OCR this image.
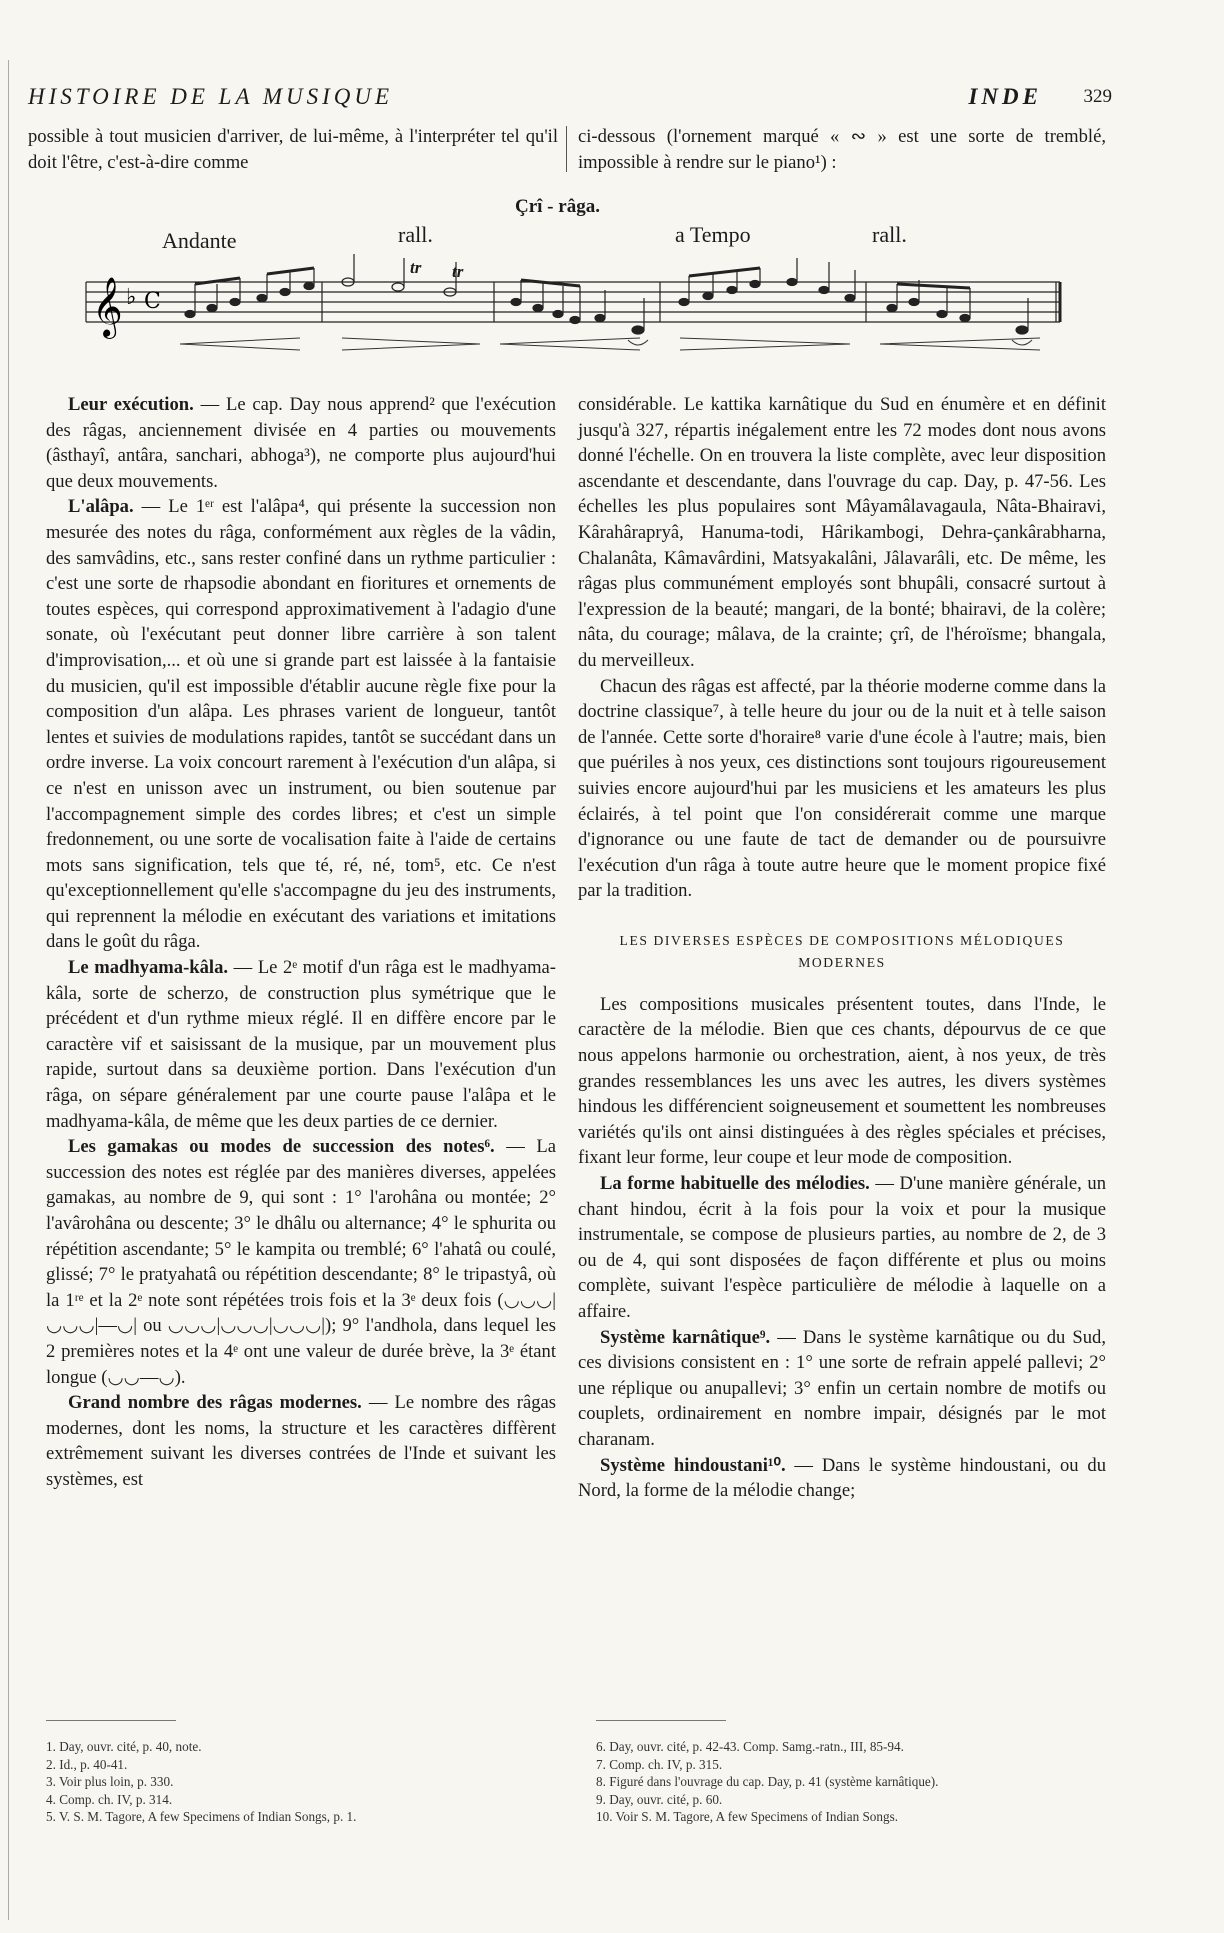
HISTOIRE DE LA MUSIQUE	INDE 329

possible à tout musicien d'arriver, de lui-même, à l'interpréter tel qu'il doit l'être, c'est-à-dire comme

ci-dessous (l'ornement marqué « ∾ » est une sorte de tremblé, impossible à rendre sur le piano¹) :

Çrî - râga.
Andante	rall.	a Tempo	rall.
tr tr
𝄞 ♭ C

Leur exécution. — Le cap. Day nous apprend² que l'exécution des râgas, anciennement divisée en 4 parties ou mouvements (âsthayî, antâra, sanchari, abhoga³), ne comporte plus aujourd'hui que deux mouvements.

L'alâpa. — Le 1ᵉʳ est l'alâpa⁴, qui présente la succession non mesurée des notes du râga, conformément aux règles de la vâdin, des samvâdins, etc., sans rester confiné dans un rythme particulier : c'est une sorte de rhapsodie abondant en fioritures et ornements de toutes espèces, qui correspond approximativement à l'adagio d'une sonate, où l'exécutant peut donner libre carrière à son talent d'improvisation,... et où une si grande part est laissée à la fantaisie du musicien, qu'il est impossible d'établir aucune règle fixe pour la composition d'un alâpa. Les phrases varient de longueur, tantôt lentes et suivies de modulations rapides, tantôt se succédant dans un ordre inverse. La voix concourt rarement à l'exécution d'un alâpa, si ce n'est en unisson avec un instrument, ou bien soutenue par l'accompagnement simple des cordes libres; et c'est un simple fredonnement, ou une sorte de vocalisation faite à l'aide de certains mots sans signification, tels que té, ré, né, tom⁵, etc. Ce n'est qu'exceptionnellement qu'elle s'accompagne du jeu des instruments, qui reprennent la mélodie en exécutant des variations et imitations dans le goût du râga.

Le madhyama-kâla. — Le 2ᵉ motif d'un râga est le madhyama-kâla, sorte de scherzo, de construction plus symétrique que le précédent et d'un rythme mieux réglé. Il en diffère encore par le caractère vif et saisissant de la musique, par un mouvement plus rapide, surtout dans sa deuxième portion. Dans l'exécution d'un râga, on sépare généralement par une courte pause l'alâpa et le madhyama-kâla, de même que les deux parties de ce dernier.

Les gamakas ou modes de succession des notes⁶. — La succession des notes est réglée par des manières diverses, appelées gamakas, au nombre de 9, qui sont : 1° l'arohâna ou montée; 2° l'avârohâna ou descente; 3° le dhâlu ou alternance; 4° le sphurita ou répétition ascendante; 5° le kampita ou tremblé; 6° l'ahatâ ou coulé, glissé; 7° le pratyahatâ ou répétition descendante; 8° le tripastyâ, où la 1ʳᵉ et la 2ᵉ note sont répétées trois fois et la 3ᵉ deux fois (◡◡◡|◡◡◡|—◡| ou ◡◡◡|◡◡◡|◡◡◡|); 9° l'andhola, dans lequel les 2 premières notes et la 4ᵉ ont une valeur de durée brève, la 3ᵉ étant longue (◡◡—◡).

Grand nombre des râgas modernes. — Le nombre des râgas modernes, dont les noms, la structure et les caractères diffèrent extrêmement suivant les diverses contrées de l'Inde et suivant les systèmes, est

considérable. Le kattika karnâtique du Sud en énumère et en définit jusqu'à 327, répartis inégalement entre les 72 modes dont nous avons donné l'échelle. On en trouvera la liste complète, avec leur disposition ascendante et descendante, dans l'ouvrage du cap. Day, p. 47-56. Les échelles les plus populaires sont Mâyamâlavagaula, Nâta-Bhairavi, Kârahârapryâ, Hanuma-todi, Hârikambogi, Dehra-çankârabharna, Chalanâta, Kâmavârdini, Matsyakalâni, Jâlavarâli, etc. De même, les râgas plus communément employés sont bhupâli, consacré surtout à l'expression de la beauté; mangari, de la bonté; bhairavi, de la colère; nâta, du courage; mâlava, de la crainte; çrî, de l'héroïsme; bhangala, du merveilleux.

Chacun des râgas est affecté, par la théorie moderne comme dans la doctrine classique⁷, à telle heure du jour ou de la nuit et à telle saison de l'année. Cette sorte d'horaire⁸ varie d'une école à l'autre; mais, bien que puériles à nos yeux, ces distinctions sont toujours rigoureusement suivies encore aujourd'hui par les musiciens et les amateurs les plus éclairés, à tel point que l'on considérerait comme une marque d'ignorance ou une faute de tact de demander ou de poursuivre l'exécution d'un râga à toute autre heure que le moment propice fixé par la tradition.

LES DIVERSES ESPÈCES DE COMPOSITIONS MÉLODIQUES MODERNES

Les compositions musicales présentent toutes, dans l'Inde, le caractère de la mélodie. Bien que ces chants, dépourvus de ce que nous appelons harmonie ou orchestration, aient, à nos yeux, de très grandes ressemblances les uns avec les autres, les divers systèmes hindous les différencient soigneusement et soumettent les nombreuses variétés qu'ils ont ainsi distinguées à des règles spéciales et précises, fixant leur forme, leur coupe et leur mode de composition.

La forme habituelle des mélodies. — D'une manière générale, un chant hindou, écrit à la fois pour la voix et pour la musique instrumentale, se compose de plusieurs parties, au nombre de 2, de 3 ou de 4, qui sont disposées de façon différente et plus ou moins complète, suivant l'espèce particulière de mélodie à laquelle on a affaire.

Système karnâtique⁹. — Dans le système karnâtique ou du Sud, ces divisions consistent en : 1° une sorte de refrain appelé pallevi; 2° une réplique ou anupallevi; 3° enfin un certain nombre de motifs ou couplets, ordinairement en nombre impair, désignés par le mot charanam.

Système hindoustani¹⁰. — Dans le système hindoustani, ou du Nord, la forme de la mélodie change;

1. Day, ouvr. cité, p. 40, note.
2. Id., p. 40-41.
3. Voir plus loin, p. 330.
4. Comp. ch. IV, p. 314.
5. V. S. M. Tagore, A few Specimens of Indian Songs, p. 1.
6. Day, ouvr. cité, p. 42-43. Comp. Samg.-ratn., III, 85-94.
7. Comp. ch. IV, p. 315.
8. Figuré dans l'ouvrage du cap. Day, p. 41 (système karnâtique).
9. Day, ouvr. cité, p. 60.
10. Voir S. M. Tagore, A few Specimens of Indian Songs.
